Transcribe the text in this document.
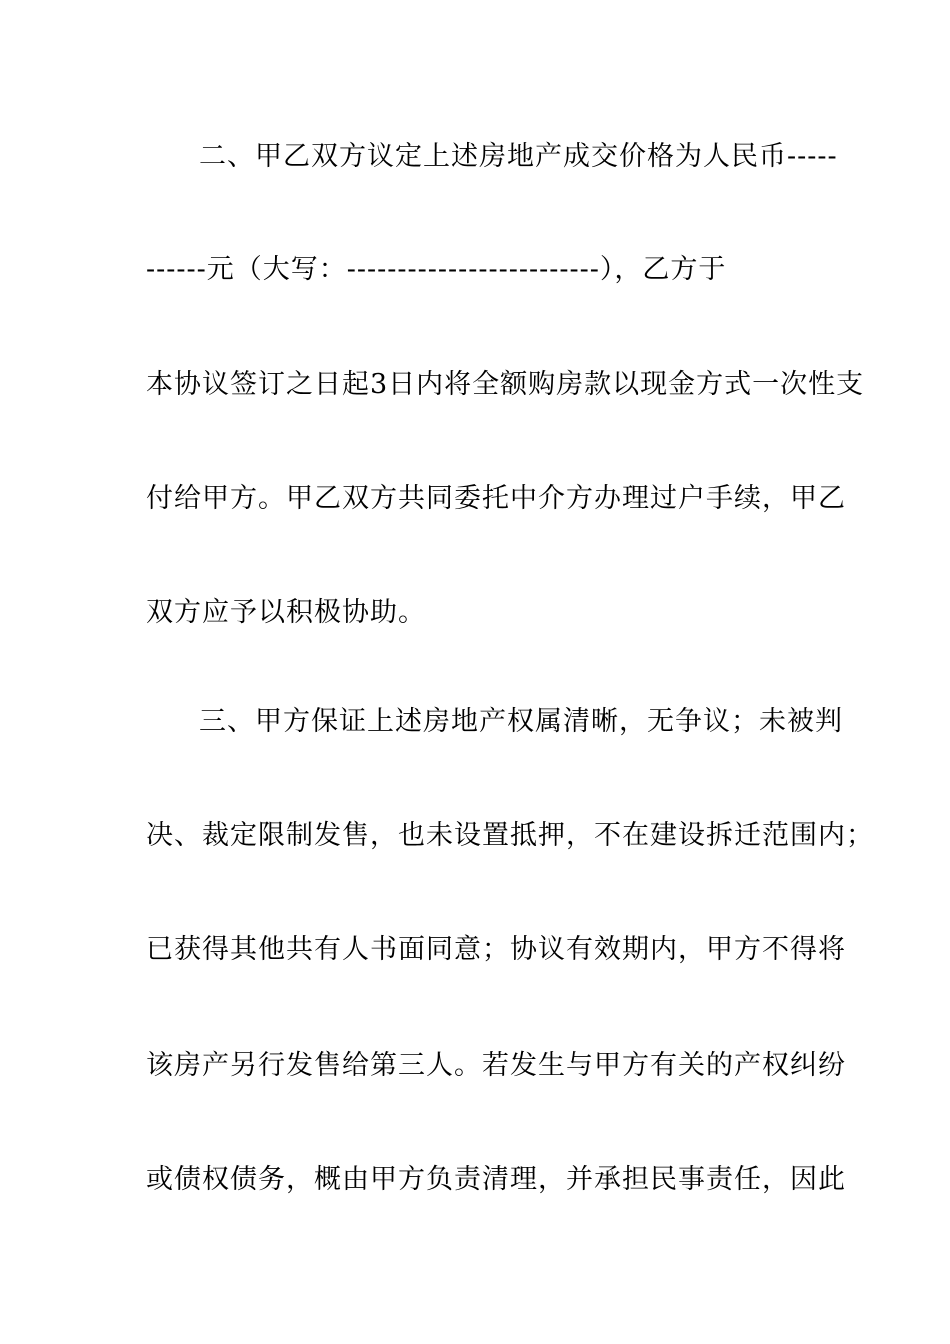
二、甲乙双方议定上述房地产成交价格为人民币-----
------元（大写：-------------------------），乙方于
本协议签订之日起3日内将全额购房款以现金方式一次性支
付给甲方。甲乙双方共同委托中介方办理过户手续，甲乙
双方应予以积极协助。
三、甲方保证上述房地产权属清晰，无争议；未被判
决、裁定限制发售，也未设置抵押，不在建设拆迁范围内；
已获得其他共有人书面同意；协议有效期内，甲方不得将
该房产另行发售给第三人。若发生与甲方有关的产权纠纷
或债权债务，概由甲方负责清理，并承担民事责任，因此
